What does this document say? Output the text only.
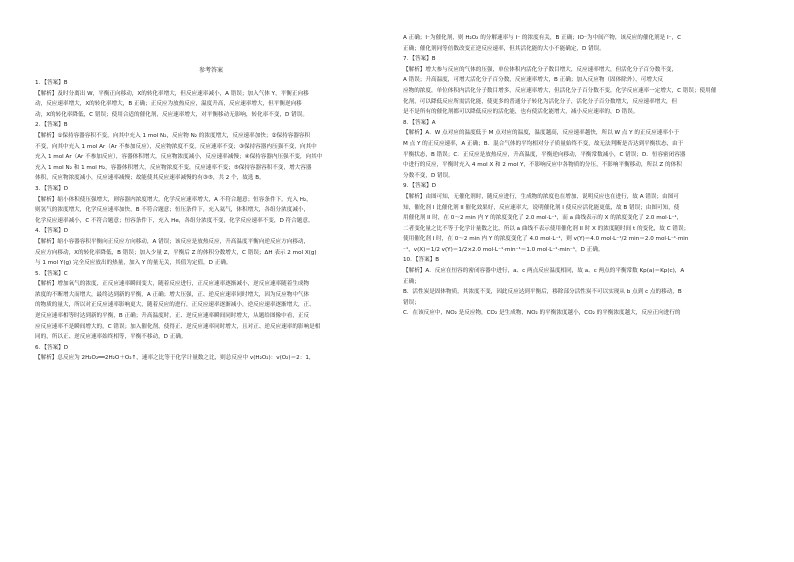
参考答案

1．【答案】B

【解析】及时分离出 W，平衡正向移动，X的转化率增大，但反应速率减小，A 错误；加入气体 Y，平衡正向移

动，反应速率增大，X的转化率增大，B 正确；正反应为放热反应，温度升高，反应速率增大，但平衡逆向移

动，X的转化率降低，C 错误；使用合适的催化剂，反应速率增大，对平衡移动无影响，转化率不变，D 错误。

2．【答案】B

【解析】①保持容器容积不变，向其中充入 1 mol N₂，反应物 N₂ 的浓度增大，反应速率加快；②保持容器容积

不变，向其中充入 1 mol Ar（Ar 不参加反应），反应物浓度不变，反应速率不变；③保持容器内压强不变，向其中

充入 1 mol Ar（Ar 不参加反应），容器体积增大，反应物浓度减小，反应速率减慢；④保持容器内压强不变，向其中

充入 1 mol N₂ 和 1 mol H₂，容器体积增大，反应物浓度不变，反应速率不变；⑤保持容器容积不变，增大容器

体积，反应物浓度减小，反应速率减慢；故能使其反应速率减慢的有③⑤，共 2 个，故选 B。

3．【答案】D

【解析】缩小体积使压强增大，则容器内浓度增大，化学反应速率增大，A 不符合题意；恒容条件下，充入 H₂，

则氢气的浓度增大，化学反应速率加快，B 不符合题意；恒压条件下，充入氦气，体积增大，各组分浓度减小，

化学反应速率减小，C 不符合题意；恒容条件下，充入 He，各组分浓度不变，化学反应速率不变，D 符合题意。

4．【答案】D

【解析】缩小容器容积平衡向正反应方向移动，A 错误；该反应是放热反应，升高温度平衡向逆反应方向移动，

反应方向移动，X的转化率降低，B 错误；加入少量 Z，平衡后 Z 的体积分数增大，C 错误；ΔH 表示 2 mol X(g)

与 1 mol Y(g) 完全反应放出的热量，加入 Y 的量无关，其值为定值，D 正确。

5．【答案】C

【解析】增加氧气的浓度，正反应速率瞬间变大，随着反应进行，正反应速率逐渐减小，逆反应速率随着生成物

浓度的不断增大而增大，最终达到新的平衡，A 正确；增大压强，正、逆反应速率同时增大，因为反应物中气体

的物质的量大，所以对正反应速率影响更大，随着反应的进行，正反应速率逐渐减小，逆反应速率逐渐增大，正、

逆反应速率相等时达到新的平衡，B 正确；升高温度时，正、逆反应速率瞬间同时增大，从题给图像中看，正反

应反应速率不是瞬间增大的，C 错误；加入催化剂，使得正、逆反应速率同时增大，且对正、逆反应速率的影响是相

同的，所以正、逆反应速率始终相等，平衡不移动，D 正确。

6．【答案】D

【解析】总反应为 2H₂O₂══2H₂O＋O₂↑，速率之比等于化学计量数之比，则总反应中 v(H₂O₂)：v(O₂)＝2：1，

A 正确；I⁻为催化剂，则 H₂O₂ 的分解速率与 I⁻ 的浓度有关，B 正确；IO⁻为中间产物，该反应的催化剂是 I⁻，C

正确；催化剂同等倍数改变正逆反应速率，但其活化能的大小不能确定，D 错误。

7．【答案】B

【解析】增大参与反应的气体的压强，单位体积内活化分子数目增大，反应速率增大，但活化分子百分数不变，

A 错误；升高温度，可增大活化分子百分数，反应速率增大，B 正确；加入反应物（固体除外），可增大反

应物的浓度，单位体积内活化分子数目增多，反应速率增大，但活化分子百分数不变，化学反应速率一定增大，C 错误；使用催

化剂，可以降低反应所需活化能，使更多的普通分子转化为活化分子，活化分子百分数增大，反应速率增大，但

是不是所有的催化剂都可以降低反应的活化能，也有使活化能增大，减小反应速率的，D 错误。

8．【答案】A

【解析】A．W 点对应的温度低于 M 点对应的温度，温度越高，反应速率越快，所以 W 点 Y 的正反应速率小于

M 点 Y 的正反应速率，A 正确；B．混合气体的平均相对分子质量始终不变，故无法判断是否达到平衡状态，由于

平衡状态，B 错误；C．正反应是放热反应，升高温度，平衡逆向移动，平衡常数减小，C 错误；D．恒容密闭容器

中进行的反应，平衡时充入 4 mol X 和 2 mol Y，不影响反应中各物质的分压，不影响平衡移动，所以 Z 的体积

分数不变，D 错误。

9．【答案】D

【解析】由图可知，无催化剂时，随反应进行，生成物的浓度也在增加，说明反应也在进行，故 A 错误；由图可

知，催化剂 I 比催化剂 II 催化效果好，反应速率大，说明催化剂 I 使反应活化能更低，故 B 错误；由图可知，使

用催化剂 II 时，在 0～2 min 内 Y 的浓度变化了 2.0 mol·L⁻¹，而 a 曲线表示的 X 的浓度变化了 2.0 mol·L⁻¹，

二者变化量之比不等于化学计量数之比，所以 a 曲线不表示使用催化剂 II 时 X 的浓度随时间 t 的变化，故 C 错误；

使用催化剂 I 时，在 0～2 min 内 Y 的浓度变化了 4.0 mol·L⁻¹，则 v(Y)＝4.0 mol·L⁻¹/2 min＝2.0 mol·L⁻¹·min

⁻¹，v(X)＝1/2 v(Y)＝1/2×2.0 mol·L⁻¹·min⁻¹＝1.0 mol·L⁻¹·min⁻¹，D 正确。

10．【答案】B

【解析】A．反应在恒容的密闭容器中进行，a、c 两点反应温度相同，故 a、c 两点的平衡常数 Kp(a)＝Kp(c)，A

正确；

B．活性炭是固体物质，其浓度不变，因此反应达到平衡后，移除部分活性炭不可以实现从 b 点到 c 点的移动，B

错误；

C．在该反应中，NO₂ 是反应物，CO₂ 是生成物，NO₂ 的平衡浓度越小，CO₂ 的平衡浓度越大，反应正向进行的
